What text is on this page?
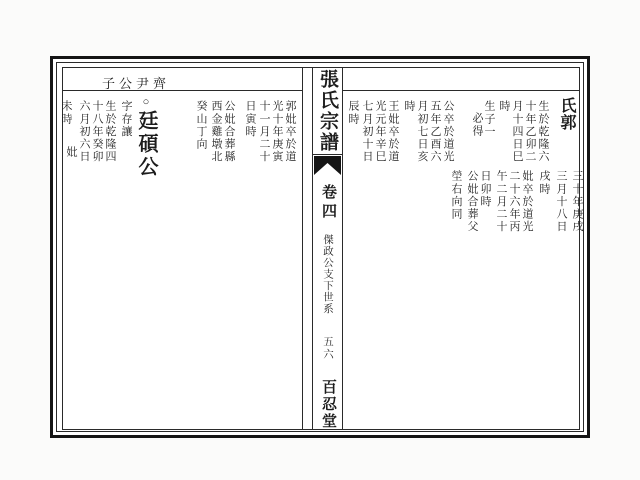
子公尹齊	張氏宗譜
卷四
傑政公支下世系
五六
百忍堂
氏郭
生於乾隆六
十年乙卯二
月十四日巳
時
生子一
必得
公卒於道光
五年乙酉六
月初七日亥
時
王妣卒於道
光元年辛巳
七月初十日
辰時
三十年庚戌
三月十八日
戌時
妣卒於道光
二十六年丙
午二月二十
日卯時
公妣合葬父
塋右向同
郭妣卒於道
光十年庚寅
十一月二十
日寅時
公妣合葬縣
西金雞墩北
癸山丁向
○廷碩公
字存讓
生於乾隆四
十八年癸卯
六月初六日
未時
妣
